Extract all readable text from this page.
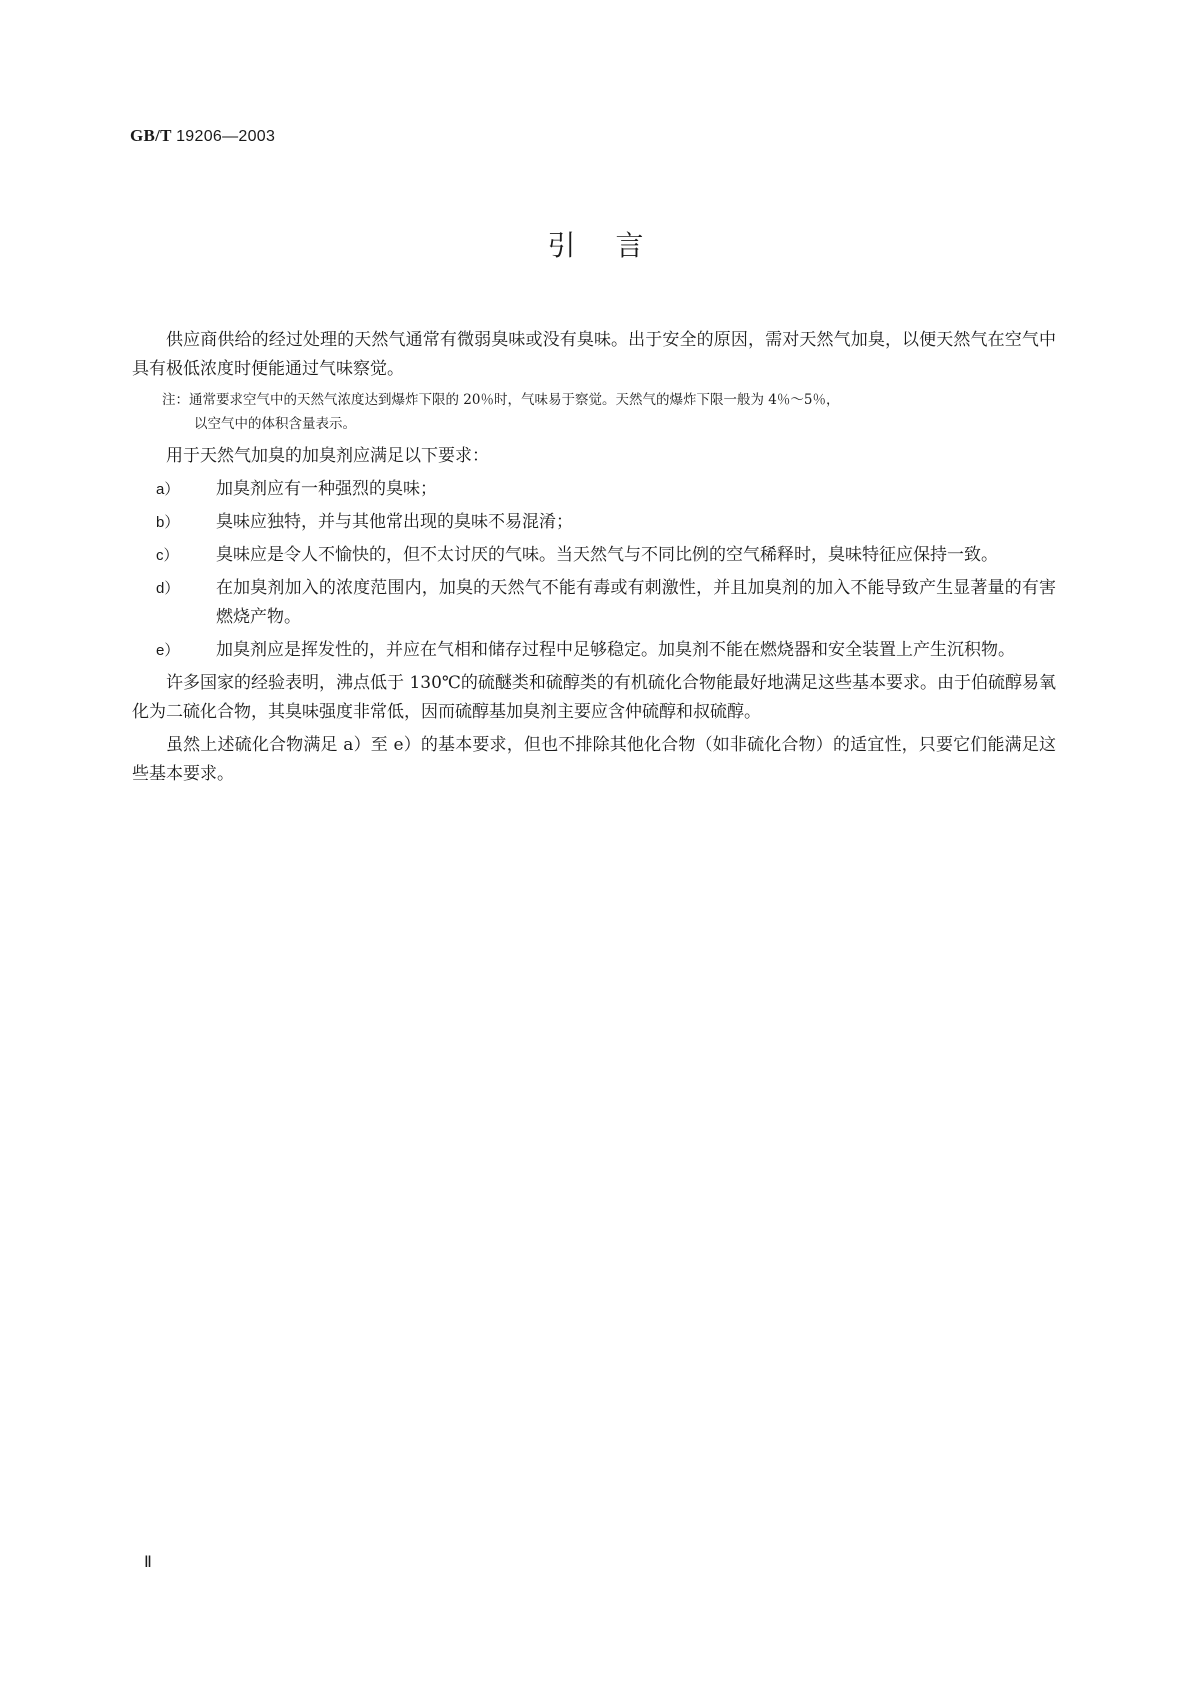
GB/T 19206—2003
引言

供应商供给的经过处理的天然气通常有微弱臭味或没有臭味。出于安全的原因，需对天然气加臭，以便天然气在空气中具有极低浓度时便能通过气味察觉。

注：通常要求空气中的天然气浓度达到爆炸下限的 20％时，气味易于察觉。天然气的爆炸下限一般为 4％～5％，
以空气中的体积含量表示。

用于天然气加臭的加臭剂应满足以下要求：

a） 加臭剂应有一种强烈的臭味；
b） 臭味应独特，并与其他常出现的臭味不易混淆；
c） 臭味应是令人不愉快的，但不太讨厌的气味。当天然气与不同比例的空气稀释时，臭味特征应保持一致。
d） 在加臭剂加入的浓度范围内，加臭的天然气不能有毒或有刺激性，并且加臭剂的加入不能导致产生显著量的有害燃烧产物。
e） 加臭剂应是挥发性的，并应在气相和储存过程中足够稳定。加臭剂不能在燃烧器和安全装置上产生沉积物。

许多国家的经验表明，沸点低于 130℃的硫醚类和硫醇类的有机硫化合物能最好地满足这些基本要求。由于伯硫醇易氧化为二硫化合物，其臭味强度非常低，因而硫醇基加臭剂主要应含仲硫醇和叔硫醇。

虽然上述硫化合物满足 a）至 e）的基本要求，但也不排除其他化合物（如非硫化合物）的适宜性，只要它们能满足这些基本要求。

Ⅱ
